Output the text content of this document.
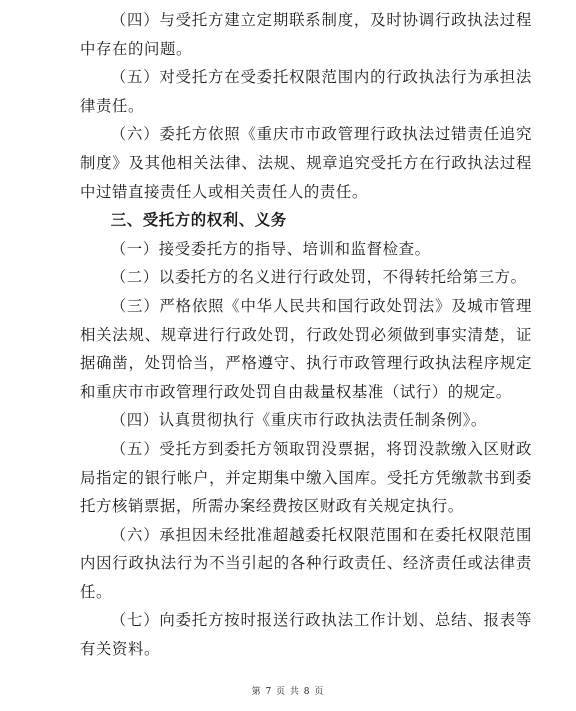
（四）与受托方建立定期联系制度，及时协调行政执法过程中存在的问题。

（五）对受托方在受委托权限范围内的行政执法行为承担法律责任。

（六）委托方依照《重庆市市政管理行政执法过错责任追究制度》及其他相关法律、法规、规章追究受托方在行政执法过程中过错直接责任人或相关责任人的责任。

三、受托方的权利、义务

（一）接受委托方的指导、培训和监督检查。

（二）以委托方的名义进行行政处罚，不得转托给第三方。

（三）严格依照《中华人民共和国行政处罚法》及城市管理相关法规、规章进行行政处罚，行政处罚必须做到事实清楚，证据确凿，处罚恰当，严格遵守、执行市政管理行政执法程序规定和重庆市市政管理行政处罚自由裁量权基准（试行）的规定。

（四）认真贯彻执行《重庆市行政执法责任制条例》。

（五）受托方到委托方领取罚没票据，将罚没款缴入区财政局指定的银行帐户，并定期集中缴入国库。受托方凭缴款书到委托方核销票据，所需办案经费按区财政有关规定执行。

（六）承担因未经批准超越委托权限范围和在委托权限范围内因行政执法行为不当引起的各种行政责任、经济责任或法律责任。

（七）向委托方按时报送行政执法工作计划、总结、报表等有关资料。

第 7 页 共 8 页
